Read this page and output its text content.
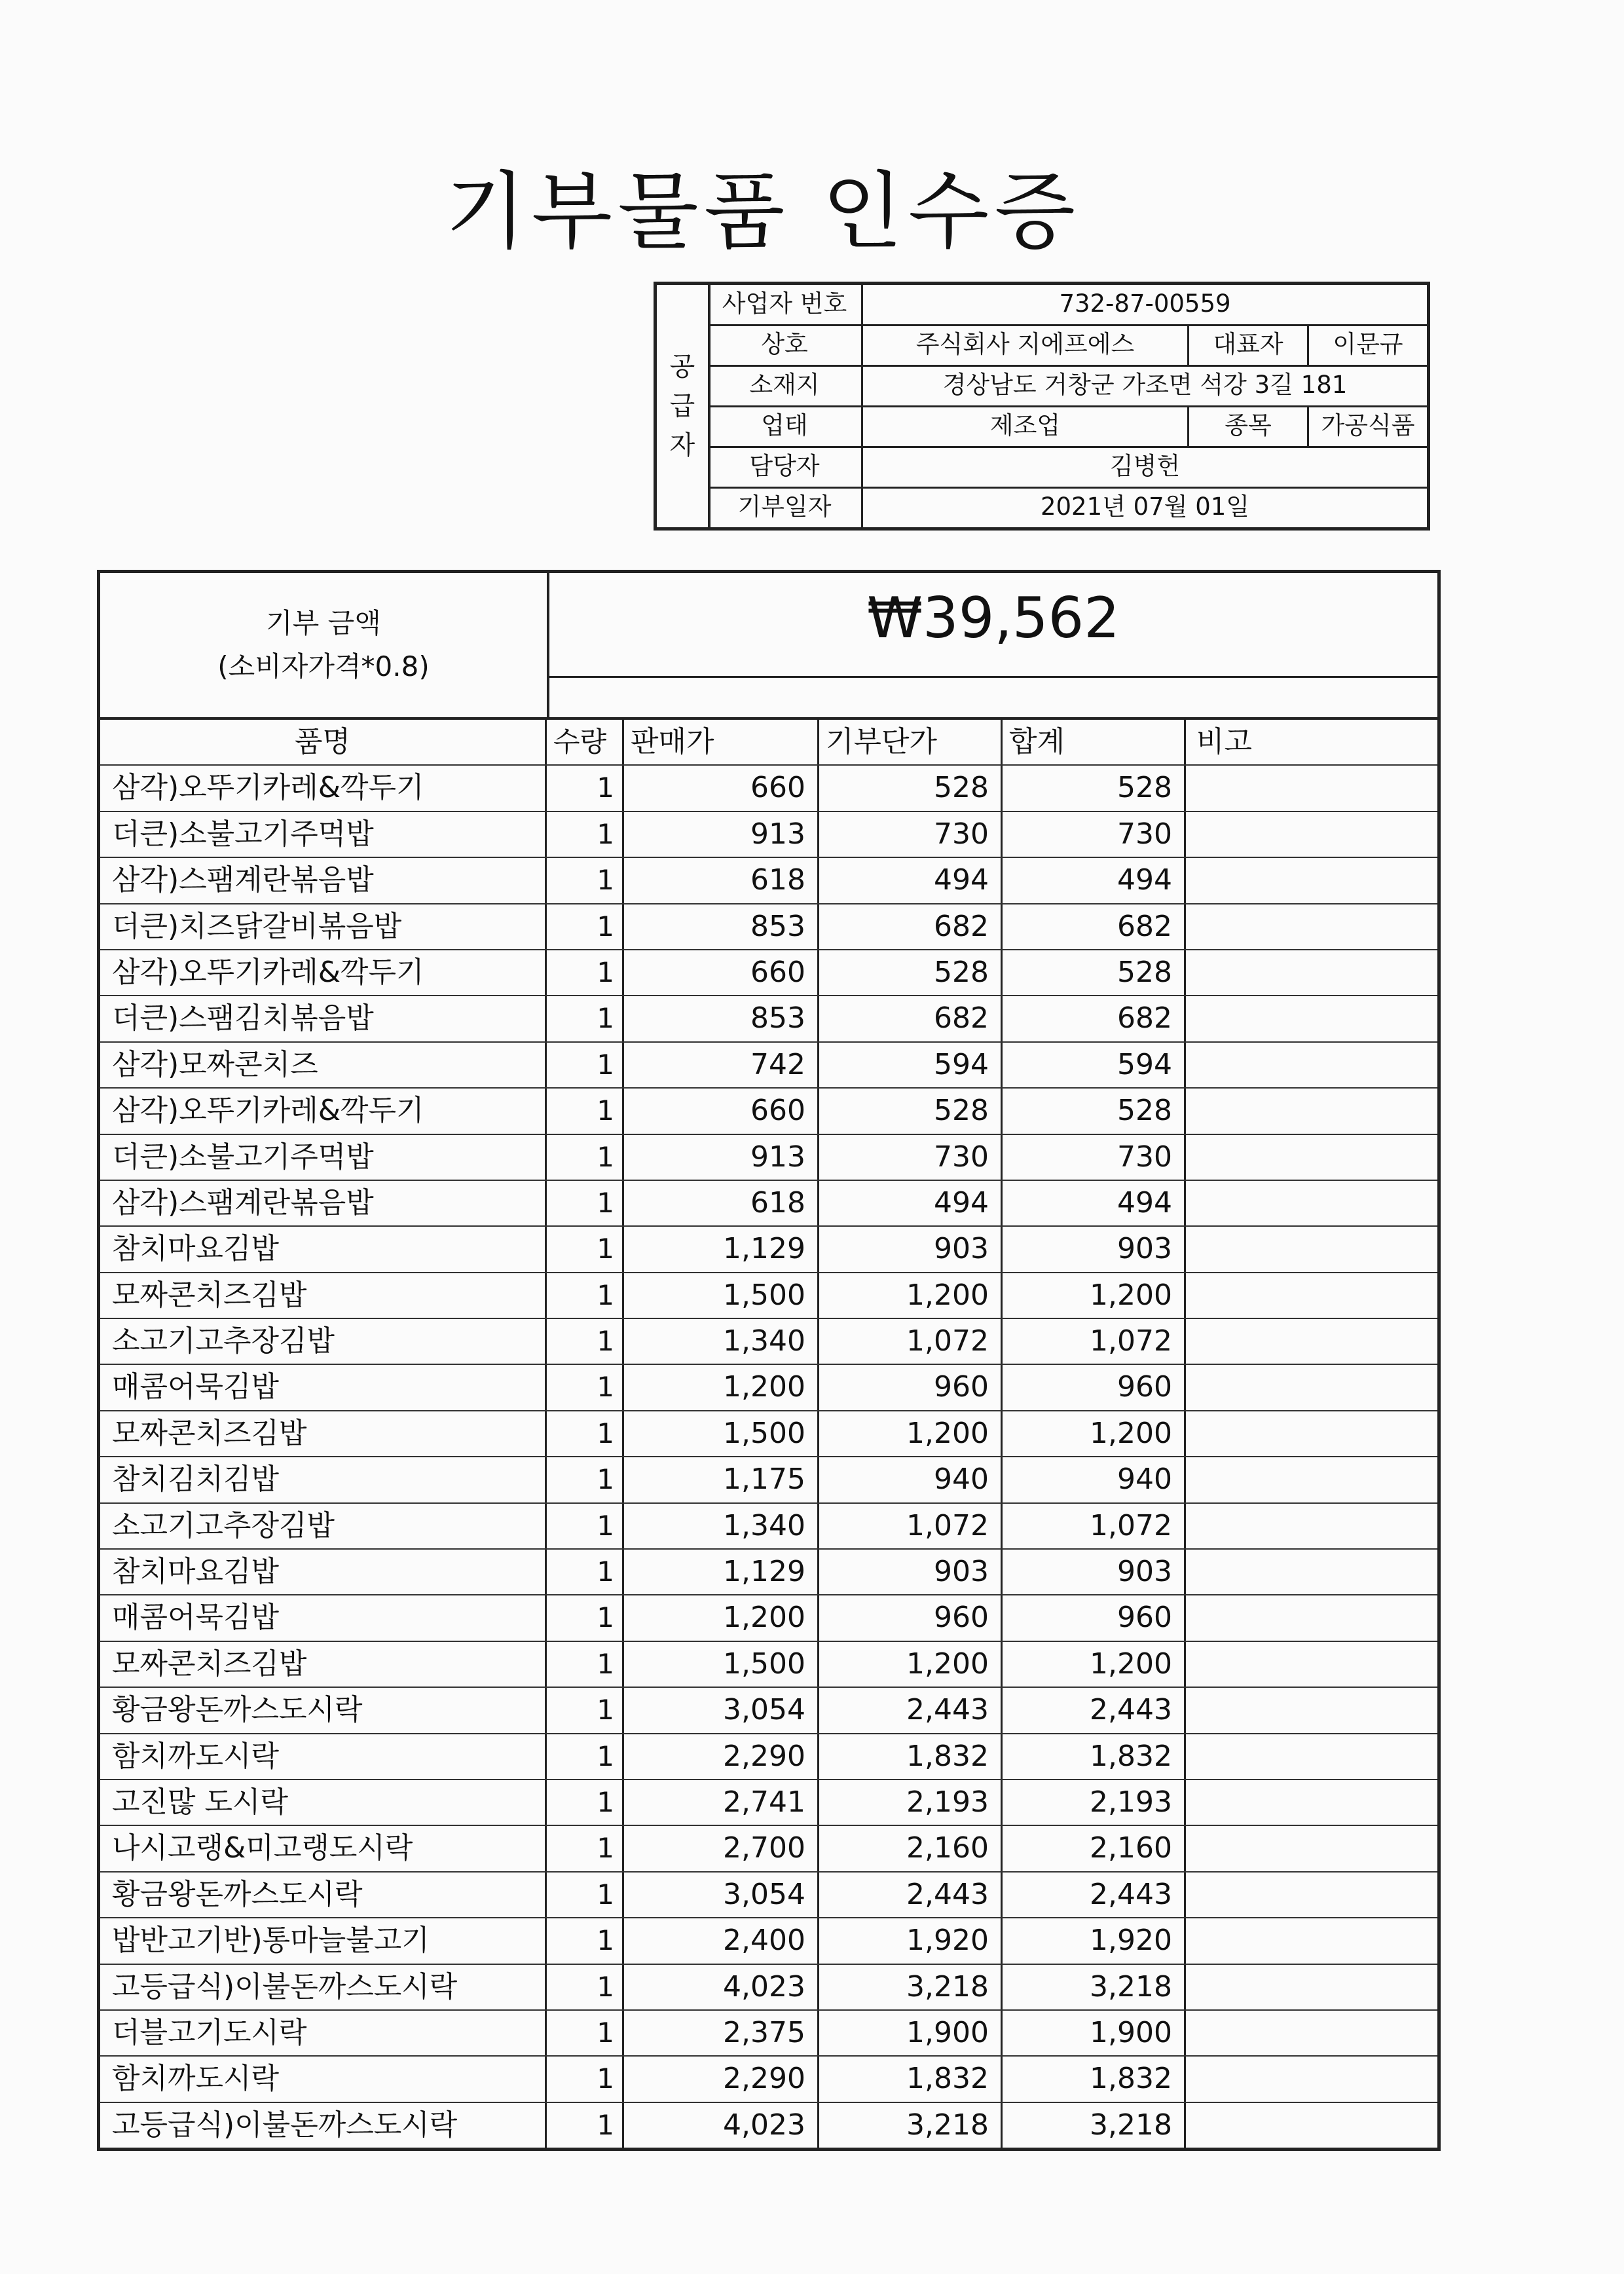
기부물품 인수증
공
급
자
사업자 번호	732-87-00559
상호	주식회사 지에프에스	대표자	이문규
소재지	경상남도 거창군 가조면 석강 3길 181
업태	제조업	종목	가공식품
담당자	김병헌
기부일자	2021년 07월 01일
기부 금액
(소비자가격*0.8)
₩39,562
품명	수량 판매가	기부단가	합계	비고
삼각)오뚜기카레&깍두기	1	660	528	528
더큰)소불고기주먹밥	1	913	730	730
삼각)스팸계란볶음밥	1	618	494	494
더큰)치즈닭갈비볶음밥	1	853	682	682
삼각)오뚜기카레&깍두기	1	660	528	528
더큰)스팸김치볶음밥	1	853	682	682
삼각)모짜콘치즈	1	742	594	594
삼각)오뚜기카레&깍두기	1	660	528	528
더큰)소불고기주먹밥	1	913	730	730
삼각)스팸계란볶음밥	1	618	494	494
참치마요김밥	1	1,129	903	903
모짜콘치즈김밥	1	1,500	1,200	1,200
소고기고추장김밥	1	1,340	1,072	1,072
매콤어묵김밥	1	1,200	960	960
모짜콘치즈김밥	1	1,500	1,200	1,200
참치김치김밥	1	1,175	940	940
소고기고추장김밥	1	1,340	1,072	1,072
참치마요김밥	1	1,129	903	903
매콤어묵김밥	1	1,200	960	960
모짜콘치즈김밥	1	1,500	1,200	1,200
황금왕돈까스도시락	1	3,054	2,443	2,443
함치까도시락	1	2,290	1,832	1,832
고진많 도시락	1	2,741	2,193	2,193
나시고랭&미고랭도시락	1	2,700	2,160	2,160
황금왕돈까스도시락	1	3,054	2,443	2,443
밥반고기반)통마늘불고기	1	2,400	1,920	1,920
고등급식)이불돈까스도시락	1	4,023	3,218	3,218
더블고기도시락	1	2,375	1,900	1,900
함치까도시락	1	2,290	1,832	1,832
고등급식)이불돈까스도시락	1	4,023	3,218	3,218
